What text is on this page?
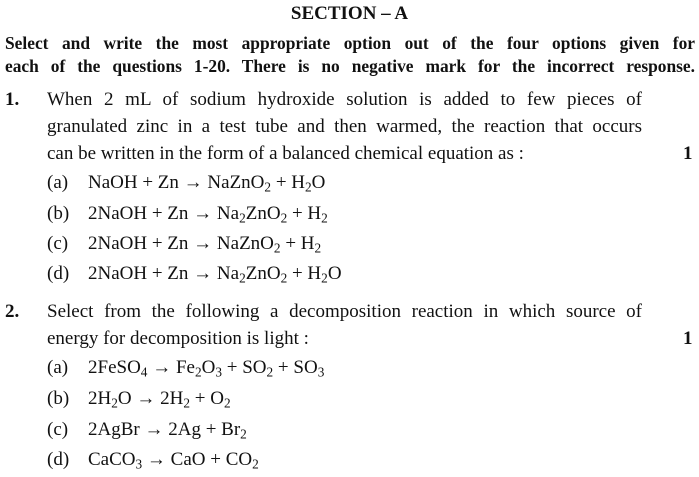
SECTION – A
Select and write the most appropriate option out of the four options given for
each of the questions 1-20. There is no negative mark for the incorrect response.
1. When 2 mL of sodium hydroxide solution is added to few pieces of
granulated zinc in a test tube and then warmed, the reaction that occurs
can be written in the form of a balanced chemical equation as :	1
(a) NaOH + Zn → NaZnO$_2$ + $H_2O$
(b) 2NaOH + $Zn \to Na_2ZnO_2 + H_2$
(c) 2NaOH + Zn → NaZnO$_2$ + $H_2$
(d) 2NaOH + $Zn \to Na_2ZnO_2 + H_2O$
2. Select from the following a decomposition reaction in which source of
energy for decomposition is light :	1
(a) 2FeSO$_4$ → $Fe_2O_3 + SO_2 + SO_3$
(b) $2H_2O \to 2H_2 + O_2$
(c) 2AgBr → $2Ag + Br_2$
(d) CaCO$_3$ → CaO + $CO_2$
